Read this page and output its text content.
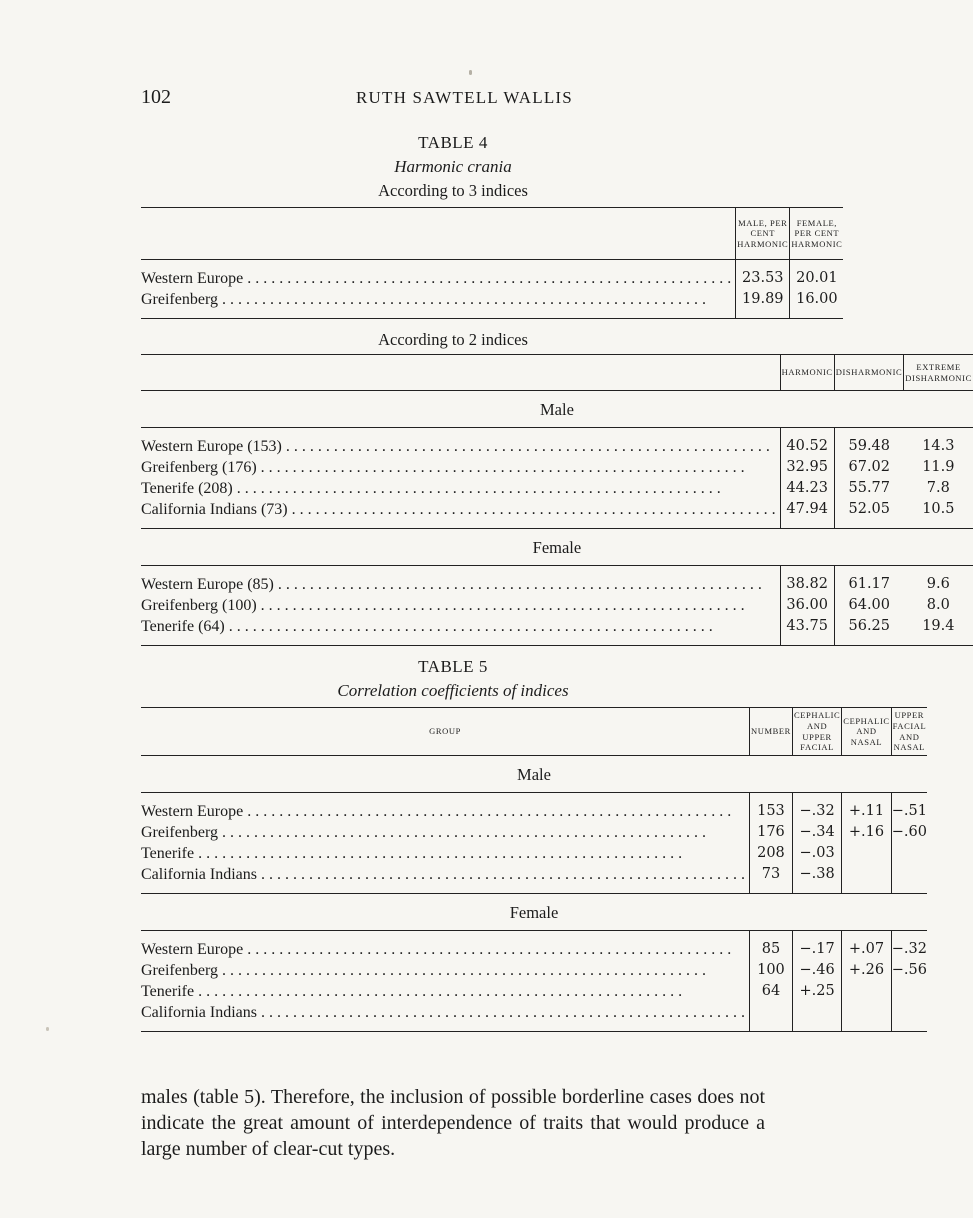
102	RUTH SAWTELL WALLIS
TABLE 4
Harmonic crania
According to 3 indices
	MALE, PER CENT HARMONIC	FEMALE, PER CENT HARMONIC

Western Europe . . .	23.53	20.01
Greifenberg . . .	19.89	16.00

According to 2 indices
	HARMONIC	DISHARMONIC	EXTREME DISHARMONIC
Male			

Western Europe (153) . . .	40.52	59.48	14.3
Greifenberg (176) . . .	32.95	67.02	11.9
Tenerife (208) . . .	44.23	55.77	7.8
California Indians (73) . . .	47.94	52.05	10.5

Female			

Western Europe (85) . . .	38.82	61.17	9.6
Greifenberg (100) . . .	36.00	64.00	8.0
Tenerife (64) . . .	43.75	56.25	19.4

TABLE 5
Correlation coefficients of indices
GROUP	NUMBER	CEPHALIC AND UPPER FACIAL	CEPHALIC AND NASAL	UPPER FACIAL AND NASAL
Male				

Western Europe . . .	153	−.32	+.11	−.51
Greifenberg . . .	176	−.34	+.16	−.60
Tenerife . . .	208	−.03		
California Indians . . .	73	−.38		

Female				

Western Europe . . .	85	−.17	+.07	−.32
Greifenberg . . .	100	−.46	+.26	−.56
Tenerife . . .	64	+.25		
California Indians . . .				

males (table 5). Therefore, the inclusion of possible borderline cases does not indicate the great amount of interdependence of traits that would produce a large number of clear-cut types.
